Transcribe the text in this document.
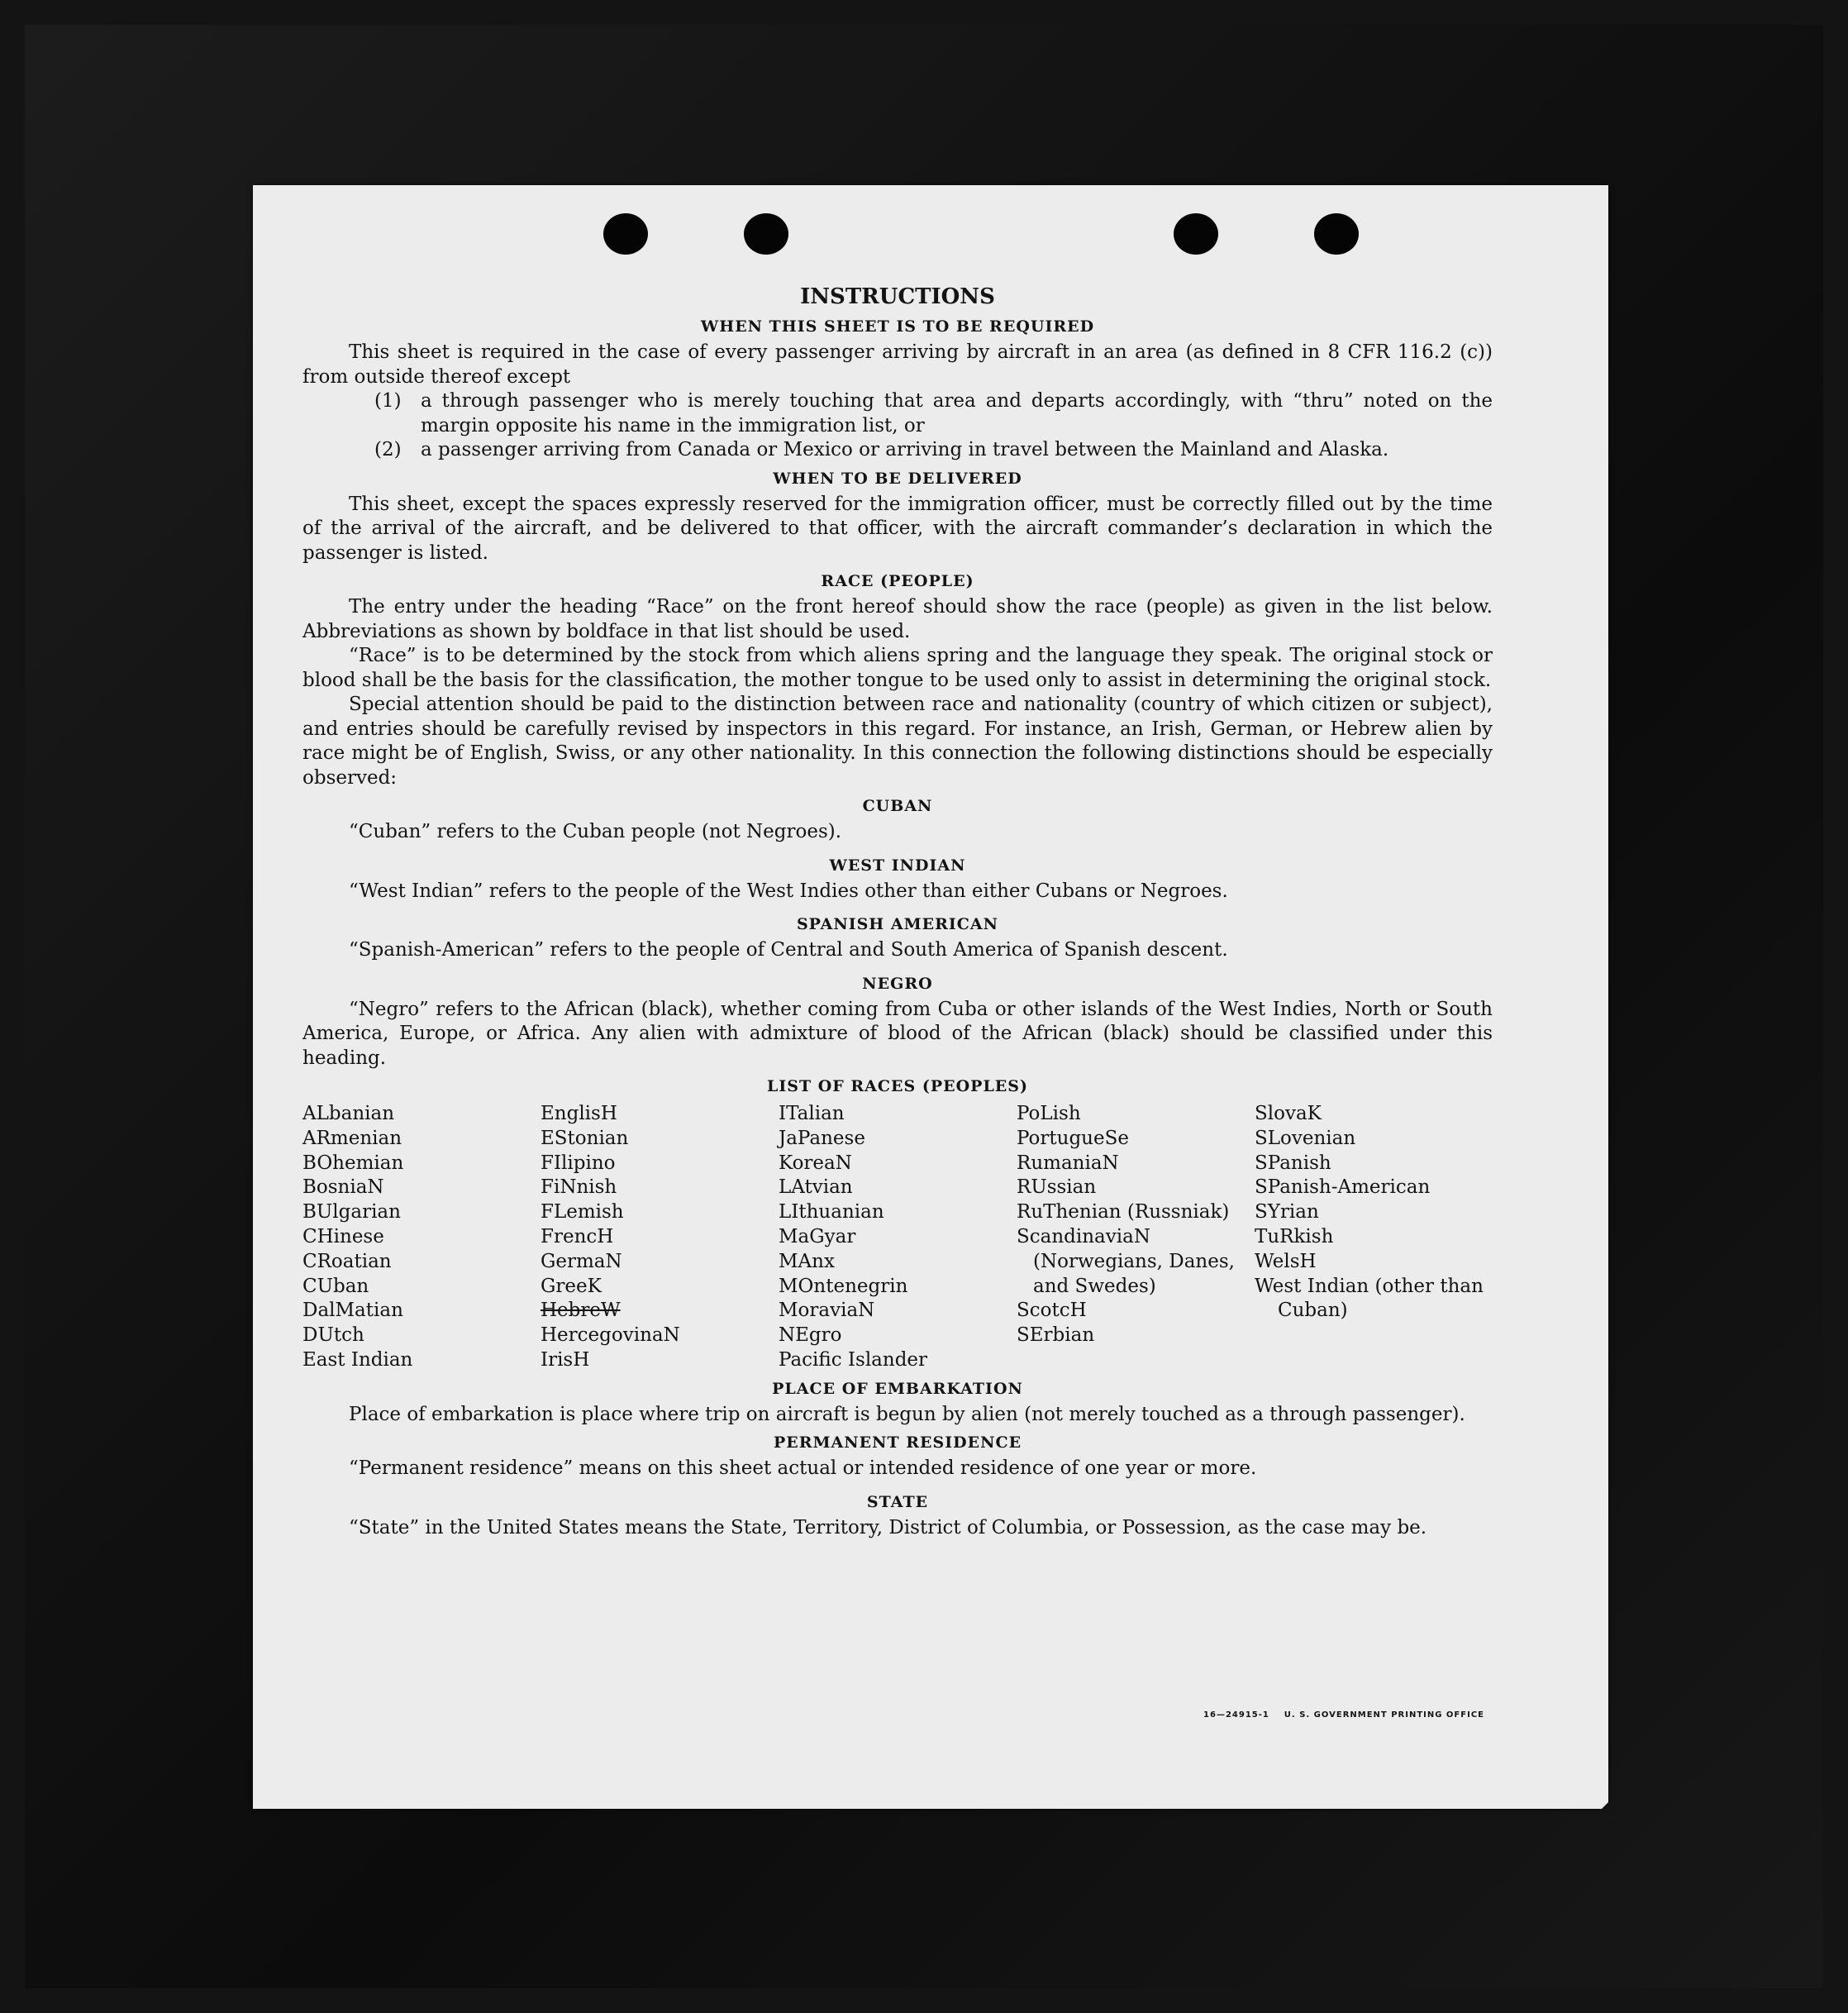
INSTRUCTIONS
WHEN THIS SHEET IS TO BE REQUIRED

This sheet is required in the case of every passenger arriving by aircraft in an area (as defined in 8 CFR 116.2 (c)) from outside thereof except

(1) a through passenger who is merely touching that area and departs accordingly, with “thru” noted on the margin opposite his name in the immigration list, or

(2) a passenger arriving from Canada or Mexico or arriving in travel between the Mainland and Alaska.

WHEN TO BE DELIVERED

This sheet, except the spaces expressly reserved for the immigration officer, must be correctly filled out by the time of the arrival of the aircraft, and be delivered to that officer, with the aircraft commander’s declaration in which the passenger is listed.

RACE (PEOPLE)

The entry under the heading “Race” on the front hereof should show the race (people) as given in the list below. Abbreviations as shown by boldface in that list should be used.

“Race” is to be determined by the stock from which aliens spring and the language they speak. The original stock or blood shall be the basis for the classification, the mother tongue to be used only to assist in determining the original stock.

Special attention should be paid to the distinction between race and nationality (country of which citizen or subject), and entries should be carefully revised by inspectors in this regard. For instance, an Irish, German, or Hebrew alien by race might be of English, Swiss, or any other nationality. In this connection the following distinctions should be especially observed:

CUBAN

“Cuban” refers to the Cuban people (not Negroes).

WEST INDIAN

“West Indian” refers to the people of the West Indies other than either Cubans or Negroes.

SPANISH AMERICAN

“Spanish-American” refers to the people of Central and South America of Spanish descent.

NEGRO

“Negro” refers to the African (black), whether coming from Cuba or other islands of the West Indies, North or South America, Europe, or Africa. Any alien with admixture of blood of the African (black) should be classified under this heading.

LIST OF RACES (PEOPLES)
ALbanian
ARmenian
BOhemian
BosniaN
BUlgarian
CHinese
CRoatian
CUban
DalMatian
DUtch
East Indian
EnglisH
EStonian
FIlipino
FiNnish
FLemish
FrencH
GermaN
GreeK
HebreW
HercegovinaN
IrisH
ITalian
JaPanese
KoreaN
LAtvian
LIthuanian
MaGyar
MAnx
MOntenegrin
MoraviaN
NEgro
Pacific Islander
PoLish
PortugueSe
RumaniaN
RUssian
RuThenian (Russniak)
ScandinaviaN (Norwegians, Danes, and Swedes)
ScotcH
SErbian
SlovaK
SLovenian
SPanish
SPanish-American
SYrian
TuRkish
WelsH
West Indian (other than Cuban)
PLACE OF EMBARKATION

Place of embarkation is place where trip on aircraft is begun by alien (not merely touched as a through passenger).

PERMANENT RESIDENCE

“Permanent residence” means on this sheet actual or intended residence of one year or more.

STATE

“State” in the United States means the State, Territory, District of Columbia, or Possession, as the case may be.

16—24915-1 U. S. GOVERNMENT PRINTING OFFICE
